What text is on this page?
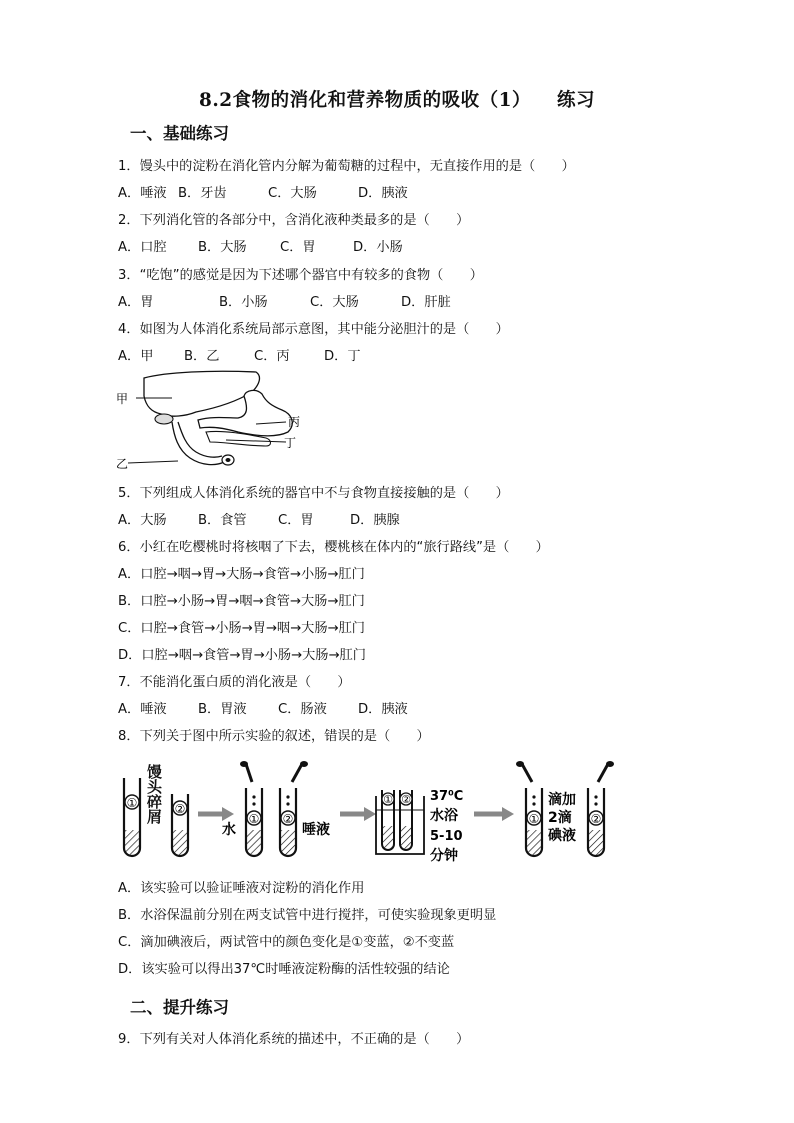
8.2食物的消化和营养物质的吸收（1） 练习
一、基础练习
1．馒头中的淀粉在消化管内分解为葡萄糖的过程中，无直接作用的是（　　）
A．唾液 B．牙齿	C．大肠	D．胰液
2．下列消化管的各部分中，含消化液种类最多的是（　　）
A．口腔 B．大肠	C．胃	D．小肠
3．“吃饱”的感觉是因为下述哪个器官中有较多的食物（　　）
A．胃	B．小肠	C．大肠	D．肝脏
4．如图为人体消化系统局部示意图，其中能分泌胆汁的是（　　）
A．甲 B．乙	C．丙	D．丁
甲
丙
丁
乙
5．下列组成人体消化系统的器官中不与食物直接接触的是（　　）
A．大肠 B．食管 C．胃	D．胰腺
6．小红在吃樱桃时将核咽了下去，樱桃核在体内的“旅行路线”是（　　）
A．口腔→咽→胃→大肠→食管→小肠→肛门
B．口腔→小肠→胃→咽→食管→大肠→肛门
C．口腔→食管→小肠→胃→咽→大肠→肛门
D．口腔→咽→食管→胃→小肠→大肠→肛门
7．不能消化蛋白质的消化液是（　　）
A．唾液 B．胃液 C．肠液 D．胰液
8．下列关于图中所示实验的叙述，错误的是（　　）
①	②
馒头碎屑
水
① ②
唾液
① ② 37⁰C
水浴
5-10
分钟
①
滴加
2滴
碘液
②
A．该实验可以验证唾液对淀粉的消化作用
B．水浴保温前分别在两支试管中进行搅拌，可使实验现象更明显
C．滴加碘液后，两试管中的颜色变化是①变蓝，②不变蓝
D．该实验可以得出37℃时唾液淀粉酶的活性较强的结论
二、提升练习
9．下列有关对人体消化系统的描述中，不正确的是（　　）
